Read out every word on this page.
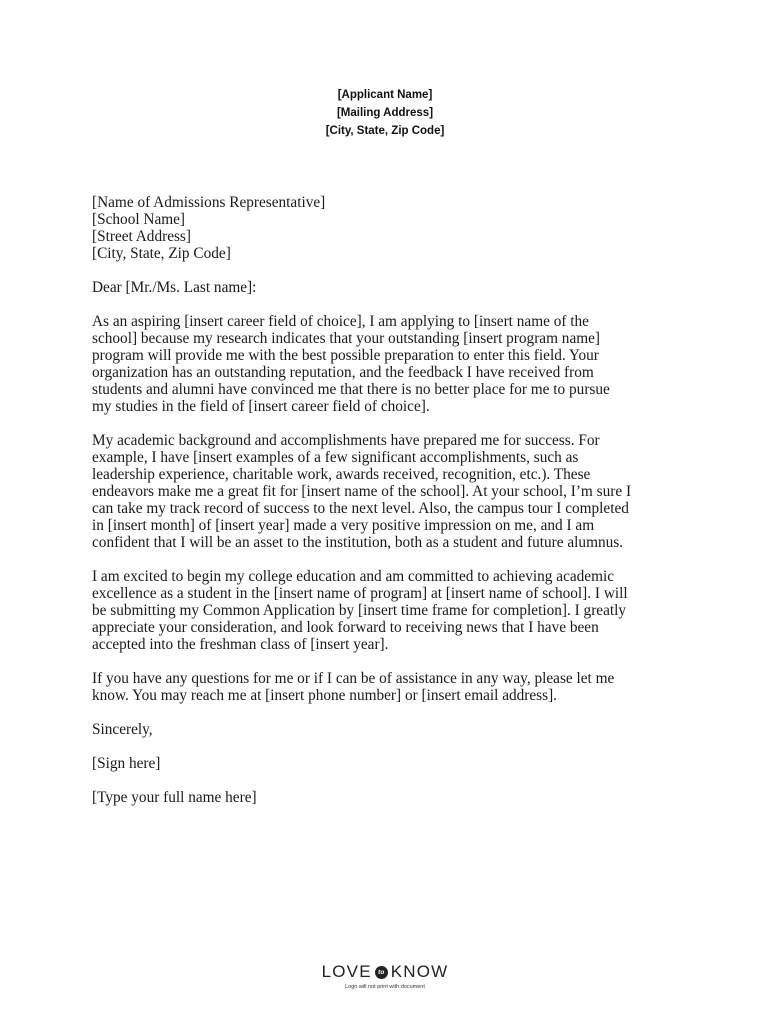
[Applicant Name]
[Mailing Address]
[City, State, Zip Code]
[Name of Admissions Representative]
[School Name]
[Street Address]
[City, State, Zip Code]
Dear [Mr./Ms. Last name]:
As an aspiring [insert career field of choice], I am applying to [insert name of the
school] because my research indicates that your outstanding [insert program name]
program will provide me with the best possible preparation to enter this field. Your
organization has an outstanding reputation, and the feedback I have received from
students and alumni have convinced me that there is no better place for me to pursue
my studies in the field of [insert career field of choice].
My academic background and accomplishments have prepared me for success. For
example, I have [insert examples of a few significant accomplishments, such as
leadership experience, charitable work, awards received, recognition, etc.). These
endeavors make me a great fit for [insert name of the school]. At your school, I’m sure I
can take my track record of success to the next level. Also, the campus tour I completed
in [insert month] of [insert year] made a very positive impression on me, and I am
confident that I will be an asset to the institution, both as a student and future alumnus.
I am excited to begin my college education and am committed to achieving academic
excellence as a student in the [insert name of program] at [insert name of school]. I will
be submitting my Common Application by [insert time frame for completion]. I greatly
appreciate your consideration, and look forward to receiving news that I have been
accepted into the freshman class of [insert year].
If you have any questions for me or if I can be of assistance in any way, please let me
know. You may reach me at [insert phone number] or [insert email address].
Sincerely,
[Sign here]
[Type your full name here]
LOVE to KNOW
Logo will not print with document
